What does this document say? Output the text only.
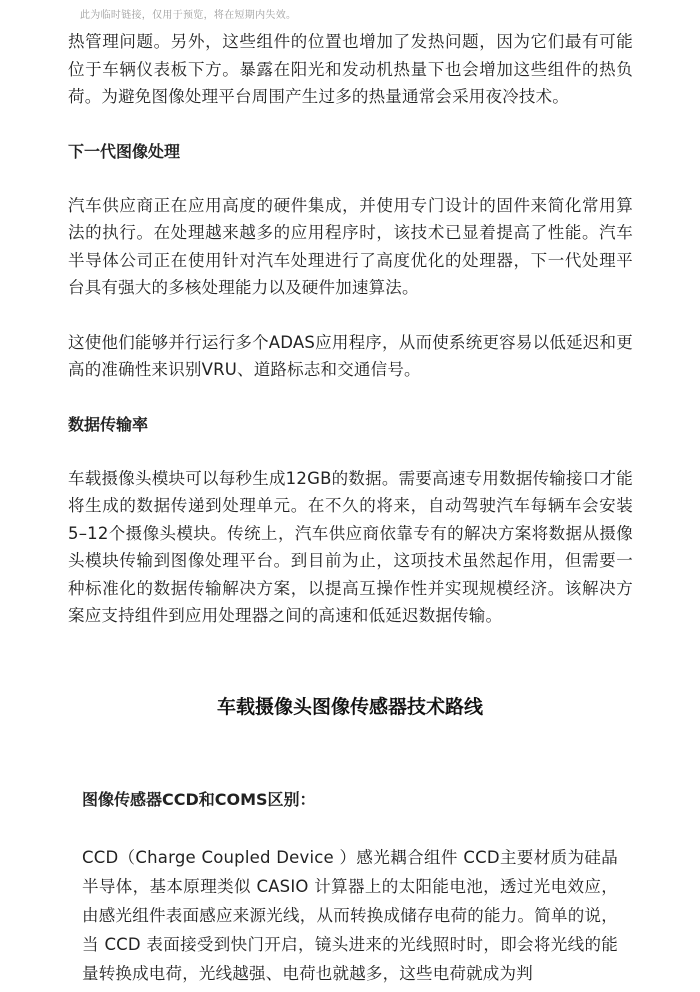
此为临时链接，仅用于预览，将在短期内失效。

热管理问题。另外，这些组件的位置也增加了发热问题，因为它们最有可能位于车辆仪表板下方。暴露在阳光和发动机热量下也会增加这些组件的热负荷。为避免图像处理平台周围产生过多的热量通常会采用夜冷技术。

下一代图像处理

汽车供应商正在应用高度的硬件集成，并使用专门设计的固件来简化常用算法的执行。在处理越来越多的应用程序时，该技术已显着提高了性能。汽车半导体公司正在使用针对汽车处理进行了高度优化的处理器，下一代处理平台具有强大的多核处理能力以及硬件加速算法。

这使他们能够并行运行多个ADAS应用程序，从而使系统更容易以低延迟和更高的准确性来识别VRU、道路标志和交通信号。

数据传输率

车载摄像头模块可以每秒生成12GB的数据。需要高速专用数据传输接口才能将生成的数据传递到处理单元。在不久的将来，自动驾驶汽车每辆车会安装5–12个摄像头模块。传统上，汽车供应商依靠专有的解决方案将数据从摄像头模块传输到图像处理平台。到目前为止，这项技术虽然起作用，但需要一种标准化的数据传输解决方案，以提高互操作性并实现规模经济。该解决方案应支持组件到应用处理器之间的高速和低延迟数据传输。

车载摄像头图像传感器技术路线

图像传感器CCD和COMS区别：

CCD（Charge Coupled Device ）感光耦合组件 CCD主要材质为硅晶半导体，基本原理类似 CASIO 计算器上的太阳能电池，透过光电效应，由感光组件表面感应来源光线，从而转换成储存电荷的能力。简单的说，当 CCD 表面接受到快门开启，镜头进来的光线照时时，即会将光线的能量转换成电荷，光线越强、电荷也就越多，这些电荷就成为判
